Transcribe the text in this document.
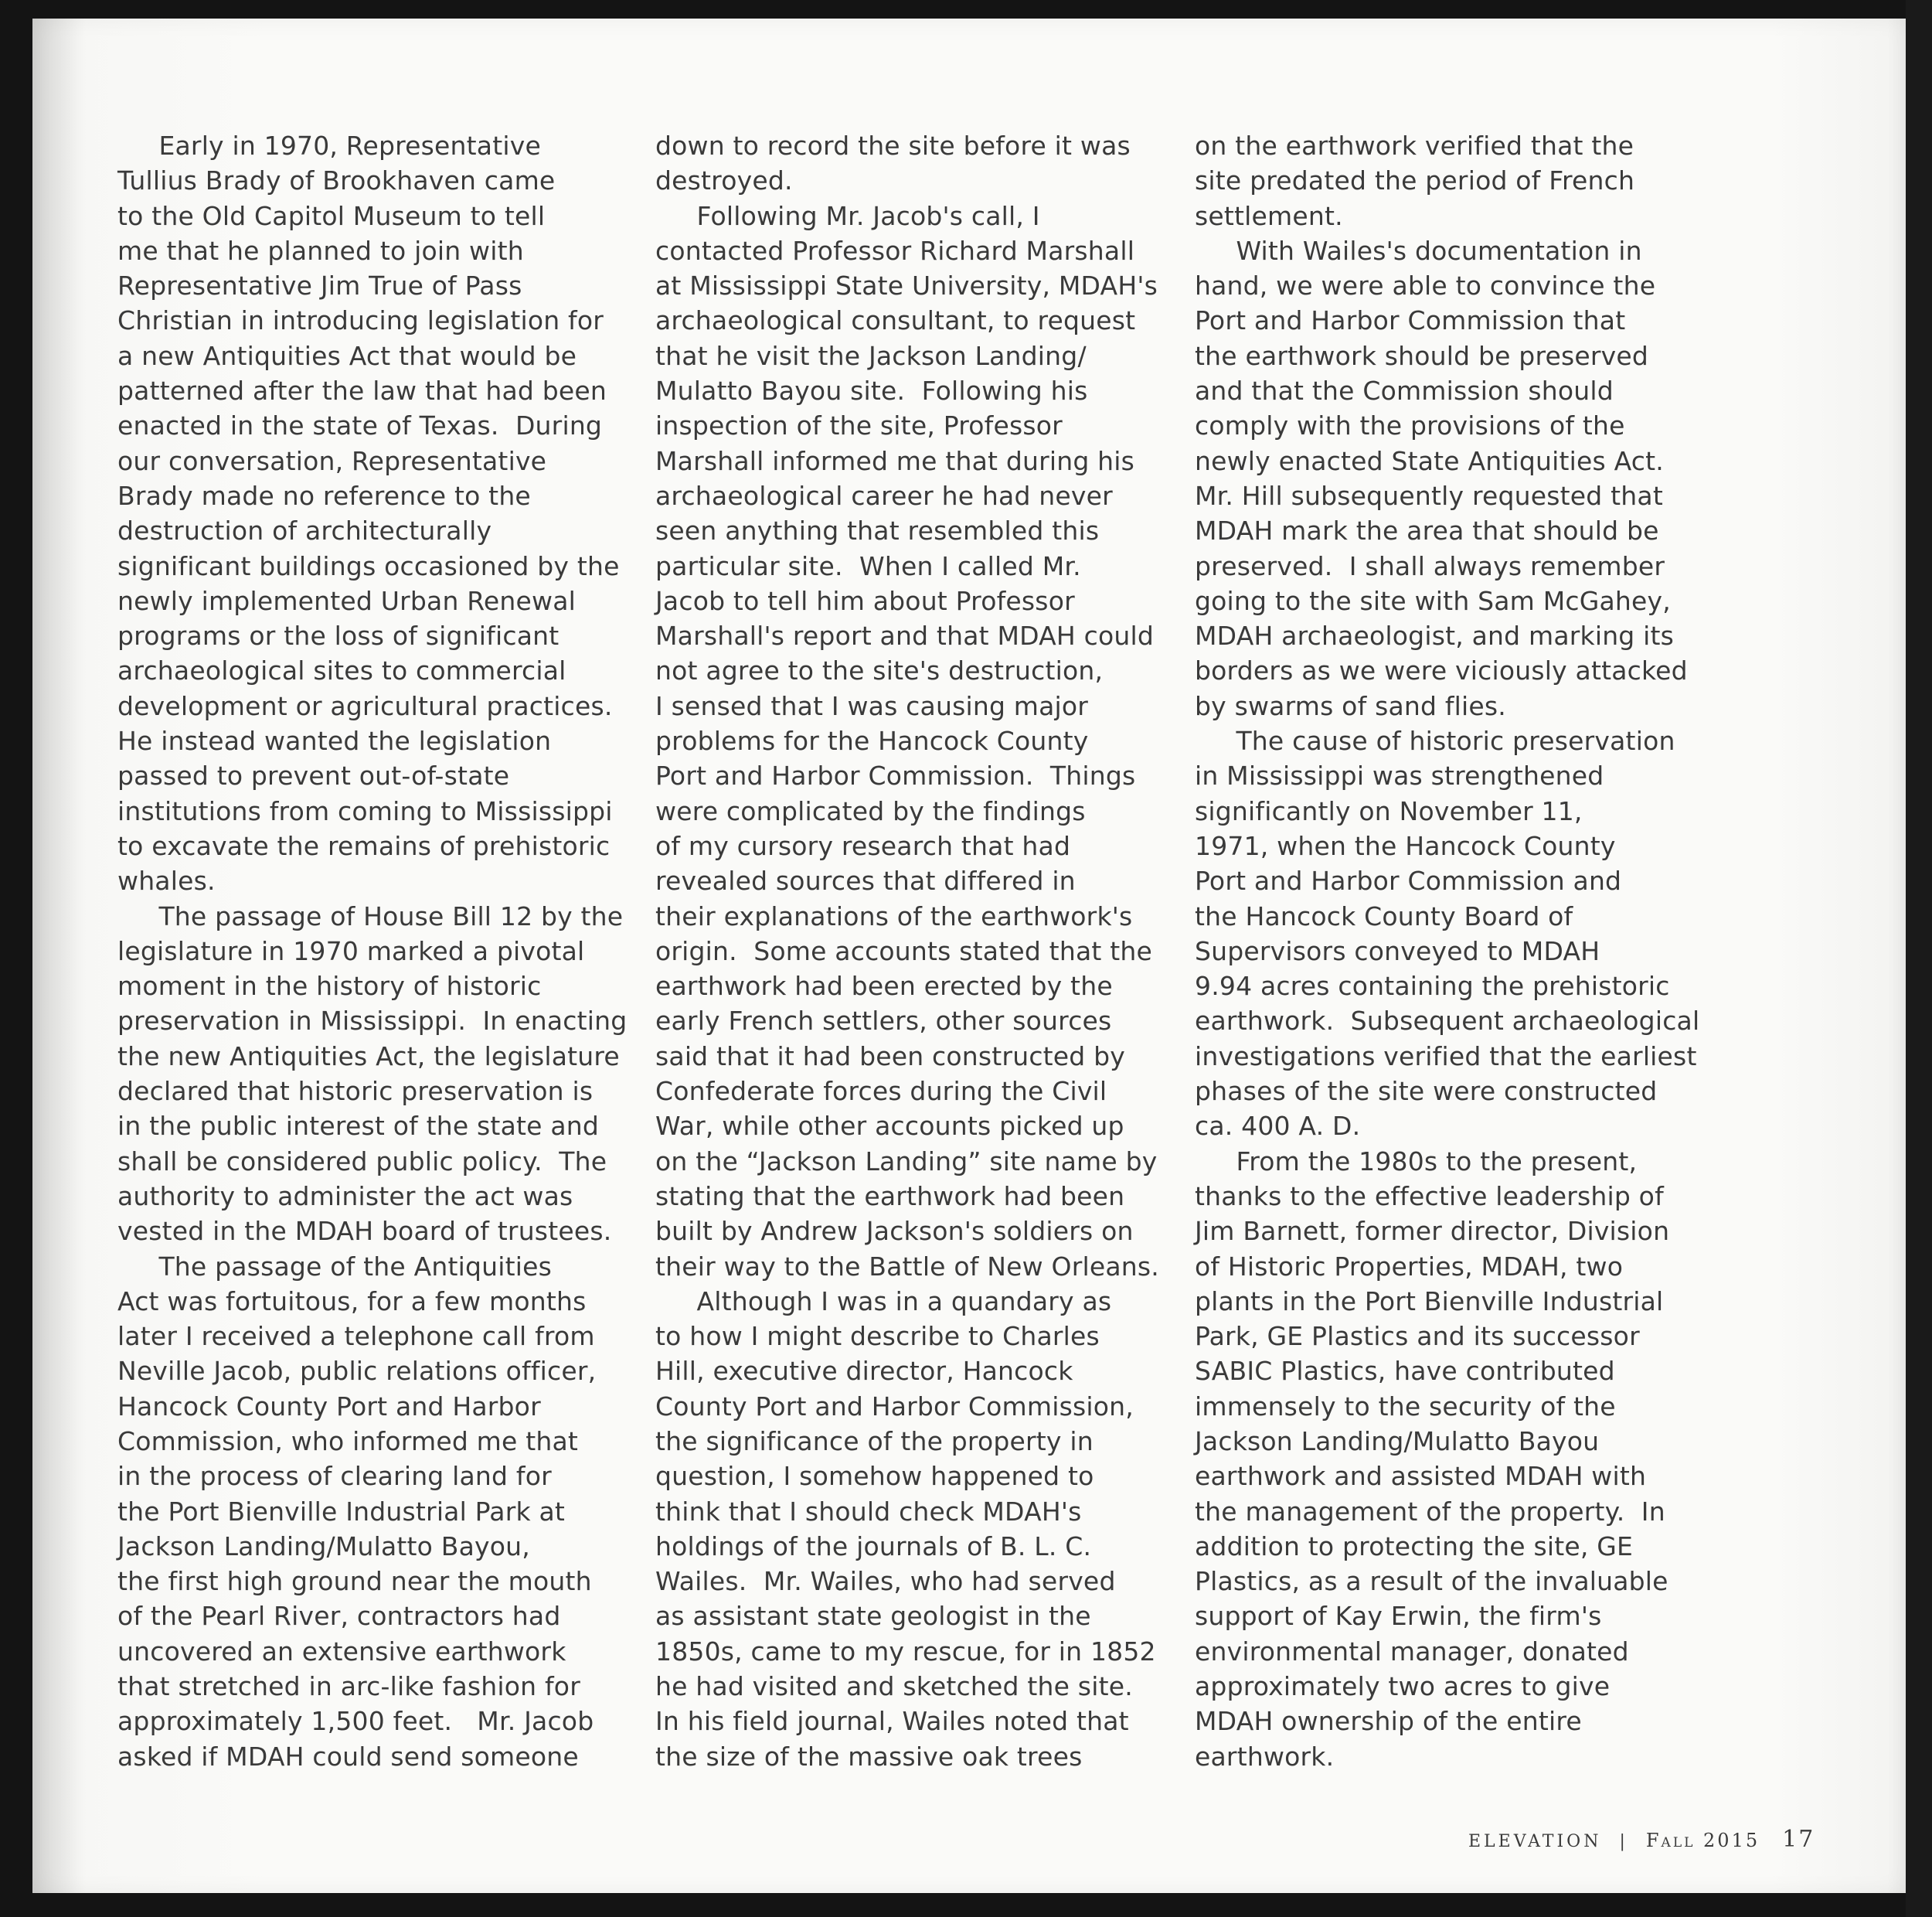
Early in 1970, Representative
Tullius Brady of Brookhaven came
to the Old Capitol Museum to tell
me that he planned to join with
Representative Jim True of Pass
Christian in introducing legislation for
a new Antiquities Act that would be
patterned after the law that had been
enacted in the state of Texas.  During
our conversation, Representative
Brady made no reference to the
destruction of architecturally
significant buildings occasioned by the
newly implemented Urban Renewal
programs or the loss of significant
archaeological sites to commercial
development or agricultural practices.
He instead wanted the legislation
passed to prevent out-of-state
institutions from coming to Mississippi
to excavate the remains of prehistoric
whales.
The passage of House Bill 12 by the
legislature in 1970 marked a pivotal
moment in the history of historic
preservation in Mississippi.  In enacting
the new Antiquities Act, the legislature
declared that historic preservation is
in the public interest of the state and
shall be considered public policy.  The
authority to administer the act was
vested in the MDAH board of trustees.
The passage of the Antiquities
Act was fortuitous, for a few months
later I received a telephone call from
Neville Jacob, public relations officer,
Hancock County Port and Harbor
Commission, who informed me that
in the process of clearing land for
the Port Bienville Industrial Park at
Jackson Landing/Mulatto Bayou,
the first high ground near the mouth
of the Pearl River, contractors had
uncovered an extensive earthwork
that stretched in arc-like fashion for
approximately 1,500 feet.   Mr. Jacob
asked if MDAH could send someone
down to record the site before it was
destroyed.
Following Mr. Jacob's call, I
contacted Professor Richard Marshall
at Mississippi State University, MDAH's
archaeological consultant, to request
that he visit the Jackson Landing/
Mulatto Bayou site.  Following his
inspection of the site, Professor
Marshall informed me that during his
archaeological career he had never
seen anything that resembled this
particular site.  When I called Mr.
Jacob to tell him about Professor
Marshall's report and that MDAH could
not agree to the site's destruction,
I sensed that I was causing major
problems for the Hancock County
Port and Harbor Commission.  Things
were complicated by the findings
of my cursory research that had
revealed sources that differed in
their explanations of the earthwork's
origin.  Some accounts stated that the
earthwork had been erected by the
early French settlers, other sources
said that it had been constructed by
Confederate forces during the Civil
War, while other accounts picked up
on the “Jackson Landing” site name by
stating that the earthwork had been
built by Andrew Jackson's soldiers on
their way to the Battle of New Orleans.
Although I was in a quandary as
to how I might describe to Charles
Hill, executive director, Hancock
County Port and Harbor Commission,
the significance of the property in
question, I somehow happened to
think that I should check MDAH's
holdings of the journals of B. L. C.
Wailes.  Mr. Wailes, who had served
as assistant state geologist in the
1850s, came to my rescue, for in 1852
he had visited and sketched the site.
In his field journal, Wailes noted that
the size of the massive oak trees
on the earthwork verified that the
site predated the period of French
settlement.
With Wailes's documentation in
hand, we were able to convince the
Port and Harbor Commission that
the earthwork should be preserved
and that the Commission should
comply with the provisions of the
newly enacted State Antiquities Act.
Mr. Hill subsequently requested that
MDAH mark the area that should be
preserved.  I shall always remember
going to the site with Sam McGahey,
MDAH archaeologist, and marking its
borders as we were viciously attacked
by swarms of sand flies.
The cause of historic preservation
in Mississippi was strengthened
significantly on November 11,
1971, when the Hancock County
Port and Harbor Commission and
the Hancock County Board of
Supervisors conveyed to MDAH
9.94 acres containing the prehistoric
earthwork.  Subsequent archaeological
investigations verified that the earliest
phases of the site were constructed
ca. 400 A. D.
From the 1980s to the present,
thanks to the effective leadership of
Jim Barnett, former director, Division
of Historic Properties, MDAH, two
plants in the Port Bienville Industrial
Park, GE Plastics and its successor
SABIC Plastics, have contributed
immensely to the security of the
Jackson Landing/Mulatto Bayou
earthwork and assisted MDAH with
the management of the property.  In
addition to protecting the site, GE
Plastics, as a result of the invaluable
support of Kay Erwin, the firm's
environmental manager, donated
approximately two acres to give
MDAH ownership of the entire
earthwork.
ELEVATION | Fall 2015 17
